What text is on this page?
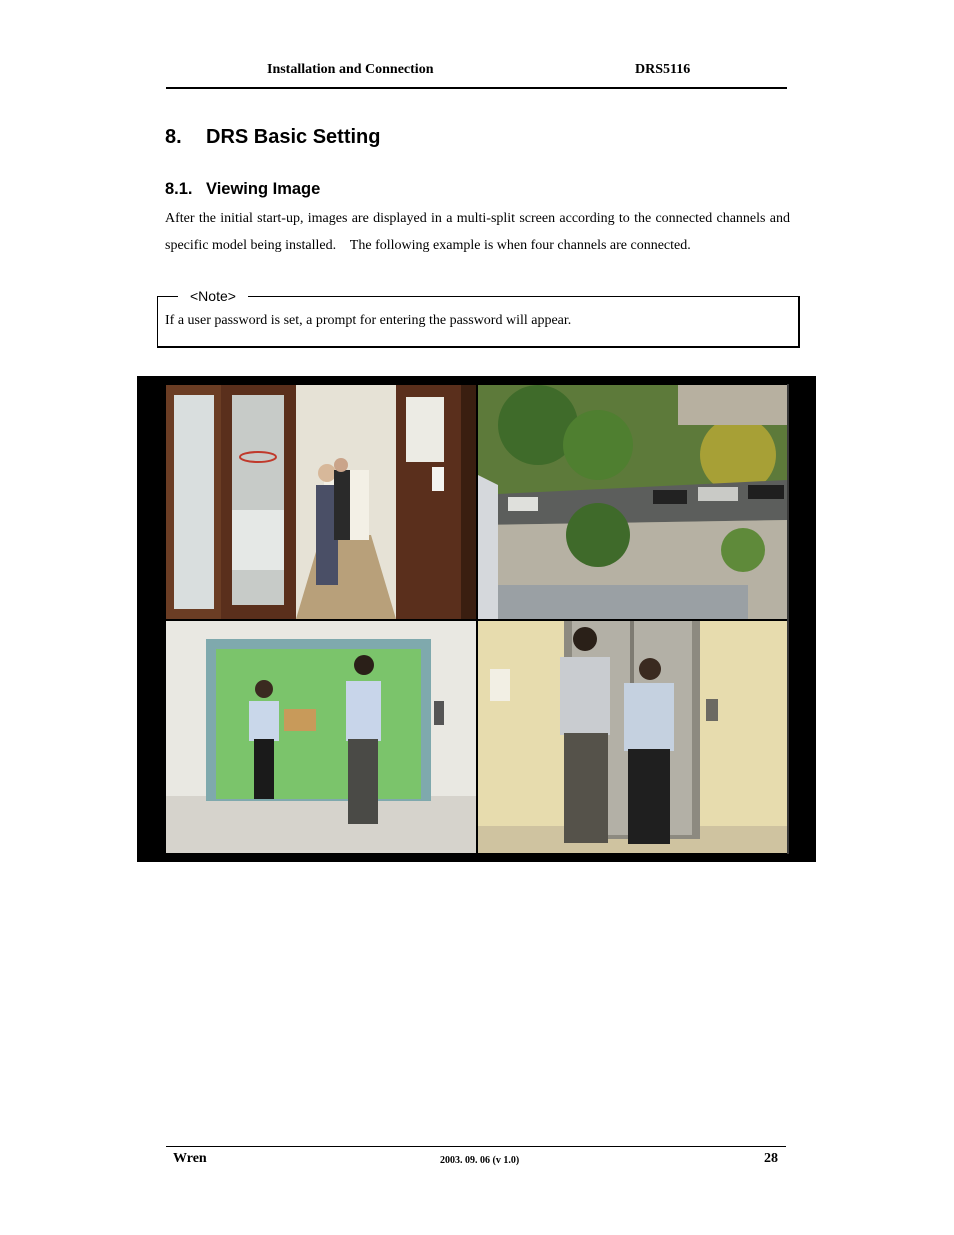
Installation and Connection	DRS5116
8. DRS Basic Setting
8.1. Viewing Image
After the initial start-up, images are displayed in a multi-split screen according to the connected channels and specific model being installed.    The following example is when four channels are connected.
<Note>
If a user password is set, a prompt for entering the password will appear.
Wren	2003. 09. 06 (v 1.0)	28
